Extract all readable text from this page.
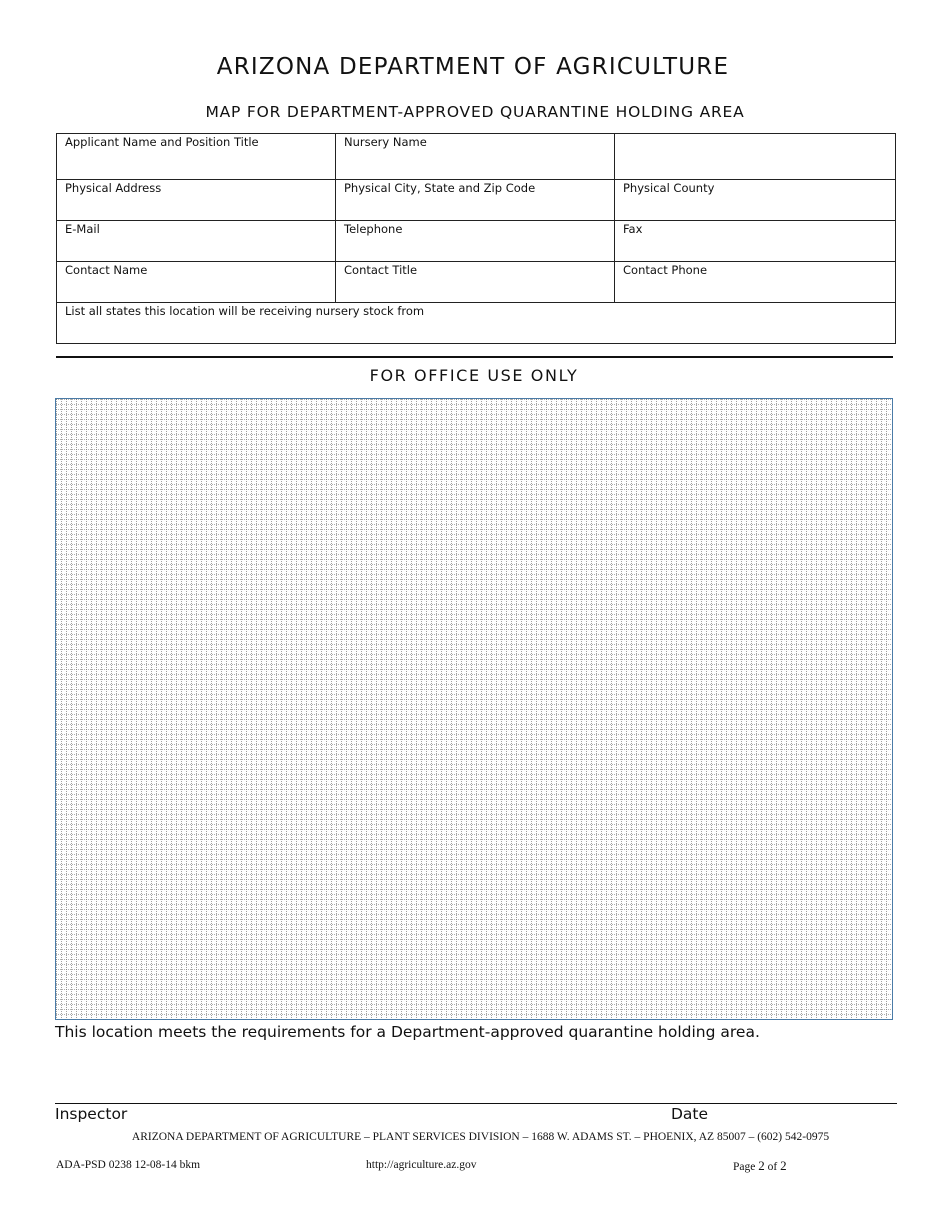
ARIZONA DEPARTMENT OF AGRICULTURE
MAP FOR DEPARTMENT-APPROVED QUARANTINE HOLDING AREA
Applicant Name and Position Title	Nursery Name	

Physical Address	Physical City, State and Zip Code	Physical County

E-Mail	Telephone	Fax

Contact Name	Contact Title	Contact Phone

List all states this location will be receiving nursery stock from		
FOR OFFICE USE ONLY
This location meets the requirements for a Department-approved quarantine holding area.
Inspector	Date
ARIZONA DEPARTMENT OF AGRICULTURE – PLANT SERVICES DIVISION – 1688 W. ADAMS ST. – PHOENIX, AZ 85007 – (602) 542-0975
ADA-PSD 0238 12-08-14 bkm	http://agriculture.az.gov	Page 2 of 2
